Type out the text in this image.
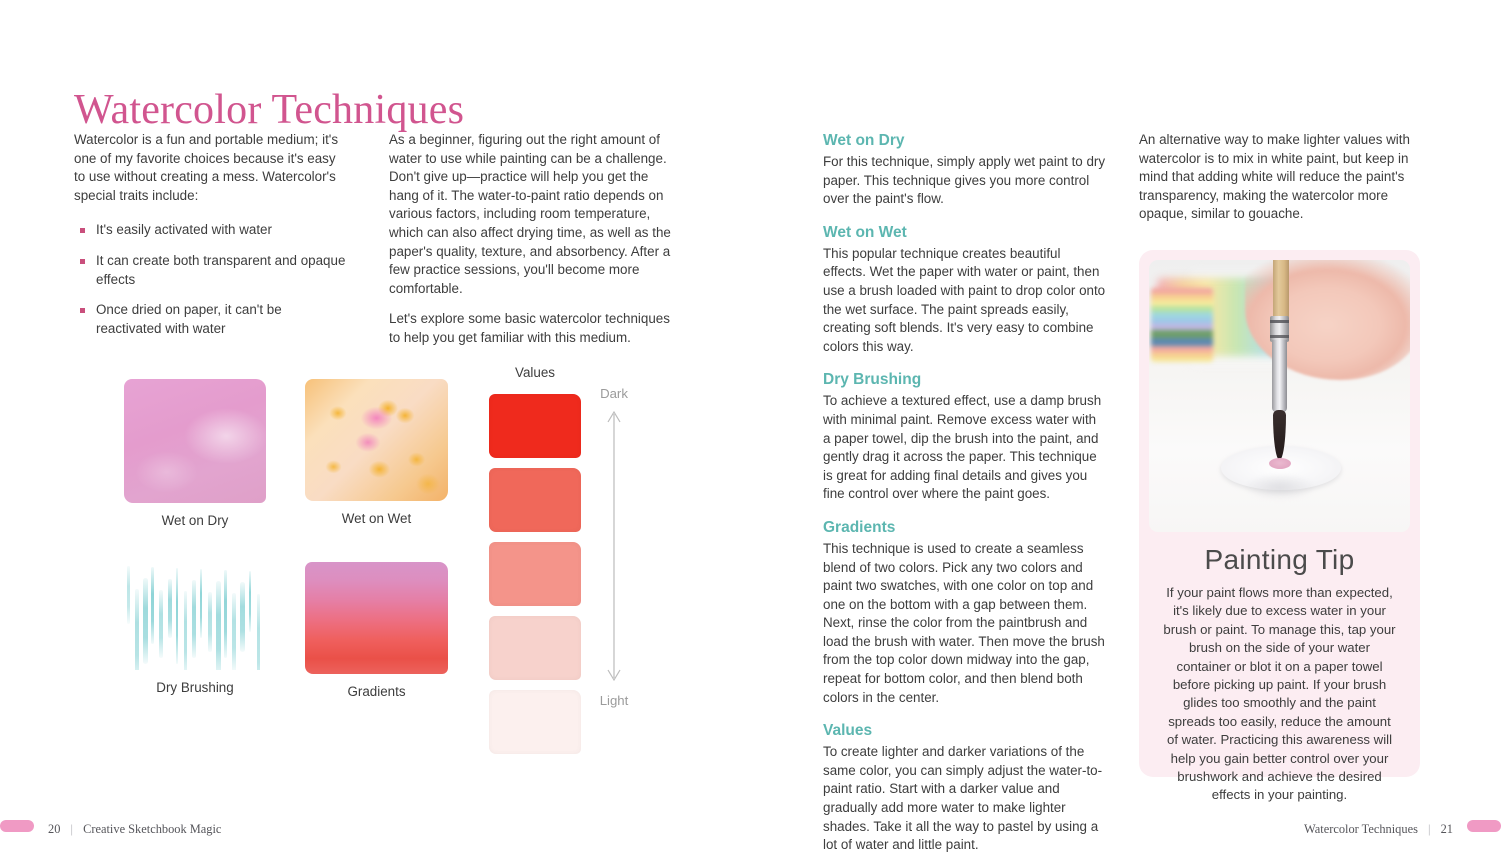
Watercolor Techniques

Watercolor is a fun and portable medium; it's one of my favorite choices because it's easy to use without creating a mess. Watercolor's special traits include:

It's easily activated with water
It can create both transparent and opaque effects
Once dried on paper, it can't be reactivated with water

As a beginner, figuring out the right amount of water to use while painting can be a challenge. Don't give up—practice will help you get the hang of it. The water-to-paint ratio depends on various factors, including room temperature, which can also affect drying time, as well as the paper's quality, texture, and absorbency. After a few practice sessions, you'll become more comfortable.

Let's explore some basic watercolor techniques to help you get familiar with this medium.

Wet on Dry

For this technique, simply apply wet paint to dry paper. This technique gives you more control over the paint's flow.

Wet on Wet

This popular technique creates beautiful effects. Wet the paper with water or paint, then use a brush loaded with paint to drop color onto the wet surface. The paint spreads easily, creating soft blends. It's very easy to combine colors this way.

Dry Brushing

To achieve a textured effect, use a damp brush with minimal paint. Remove excess water with a paper towel, dip the brush into the paint, and gently drag it across the paper. This technique is great for adding final details and gives you fine control over where the paint goes.

Gradients

This technique is used to create a seamless blend of two colors. Pick any two colors and paint two swatches, with one color on top and one on the bottom with a gap between them. Next, rinse the color from the paintbrush and load the brush with water. Then move the brush from the top color down midway into the gap, repeat for bottom color, and then blend both colors in the center.

Values

To create lighter and darker variations of the same color, you can simply adjust the water-to-paint ratio. Start with a darker value and gradually add more water to make lighter shades. Take it all the way to pastel by using a lot of water and little paint.

An alternative way to make lighter values with watercolor is to mix in white paint, but keep in mind that adding white will reduce the paint's transparency, making the watercolor more opaque, similar to gouache.

Wet on Dry	Wet on Wet
Dry Brushing	Gradients
Values
Dark
Light
Painting Tip
If your paint flows more than expected, it's likely due to excess water in your brush or paint. To manage this, tap your brush on the side of your water container or blot it on a paper towel before picking up paint. If your brush glides too smoothly and the paint spreads too easily, reduce the amount of water. Practicing this awareness will help you gain better control over your brushwork and achieve the desired effects in your painting.
20 | Creative Sketchbook Magic	Watercolor Techniques | 21
